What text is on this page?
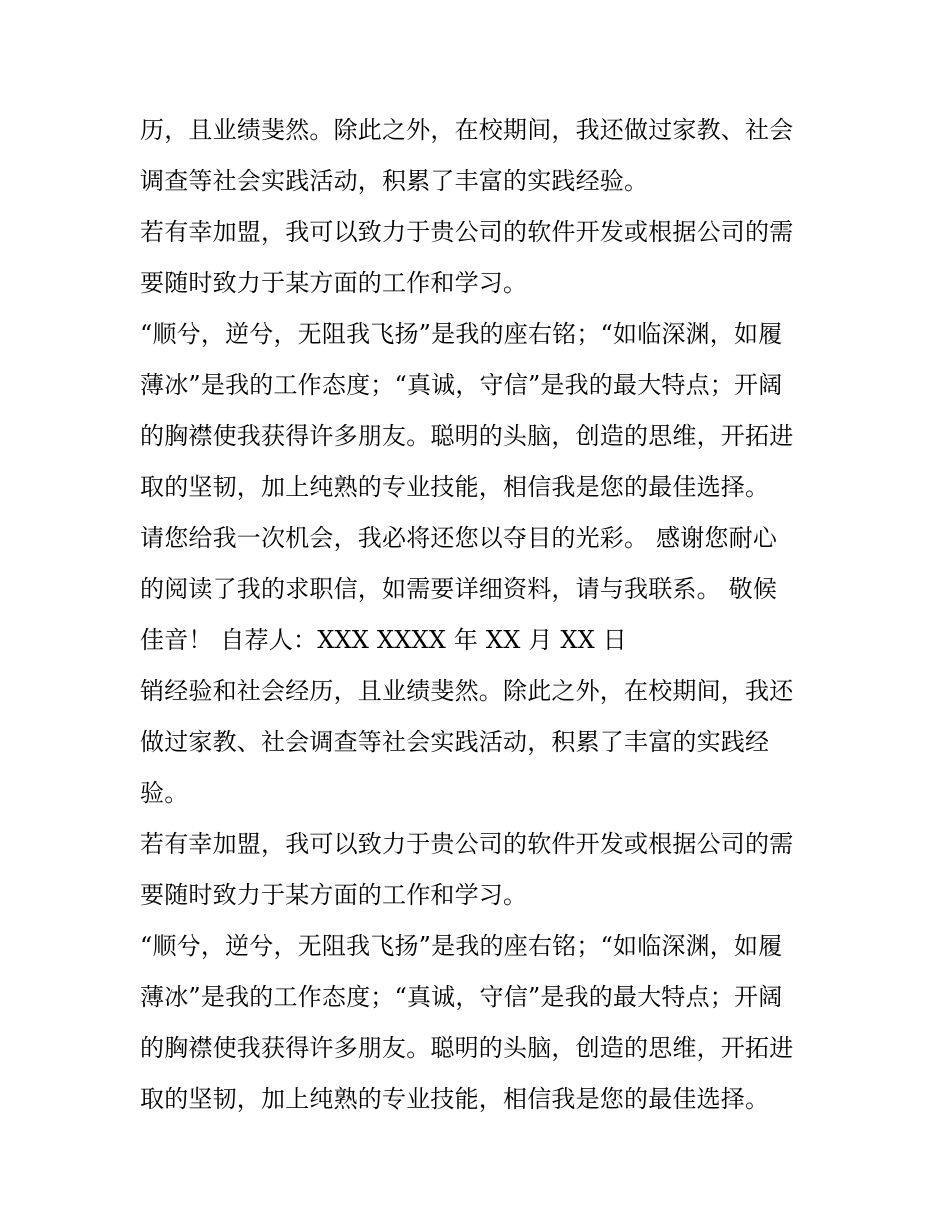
历，且业绩斐然。除此之外，在校期间，我还做过家教、社会
调查等社会实践活动，积累了丰富的实践经验。
若有幸加盟，我可以致力于贵公司的软件开发或根据公司的需
要随时致力于某方面的工作和学习。
“顺兮，逆兮，无阻我飞扬”是我的座右铭；“如临深渊，如履
薄冰”是我的工作态度；“真诚，守信”是我的最大特点；开阔
的胸襟使我获得许多朋友。聪明的头脑，创造的思维，开拓进
取的坚韧，加上纯熟的专业技能，相信我是您的最佳选择。
请您给我一次机会，我必将还您以夺目的光彩。 感谢您耐心
的阅读了我的求职信，如需要详细资料，请与我联系。 敬候
佳音！ 自荐人：XXX XXXX 年 XX 月 XX 日
销经验和社会经历，且业绩斐然。除此之外，在校期间，我还
做过家教、社会调查等社会实践活动，积累了丰富的实践经
验。
若有幸加盟，我可以致力于贵公司的软件开发或根据公司的需
要随时致力于某方面的工作和学习。
“顺兮，逆兮，无阻我飞扬”是我的座右铭；“如临深渊，如履
薄冰”是我的工作态度；“真诚，守信”是我的最大特点；开阔
的胸襟使我获得许多朋友。聪明的头脑，创造的思维，开拓进
取的坚韧，加上纯熟的专业技能，相信我是您的最佳选择。
